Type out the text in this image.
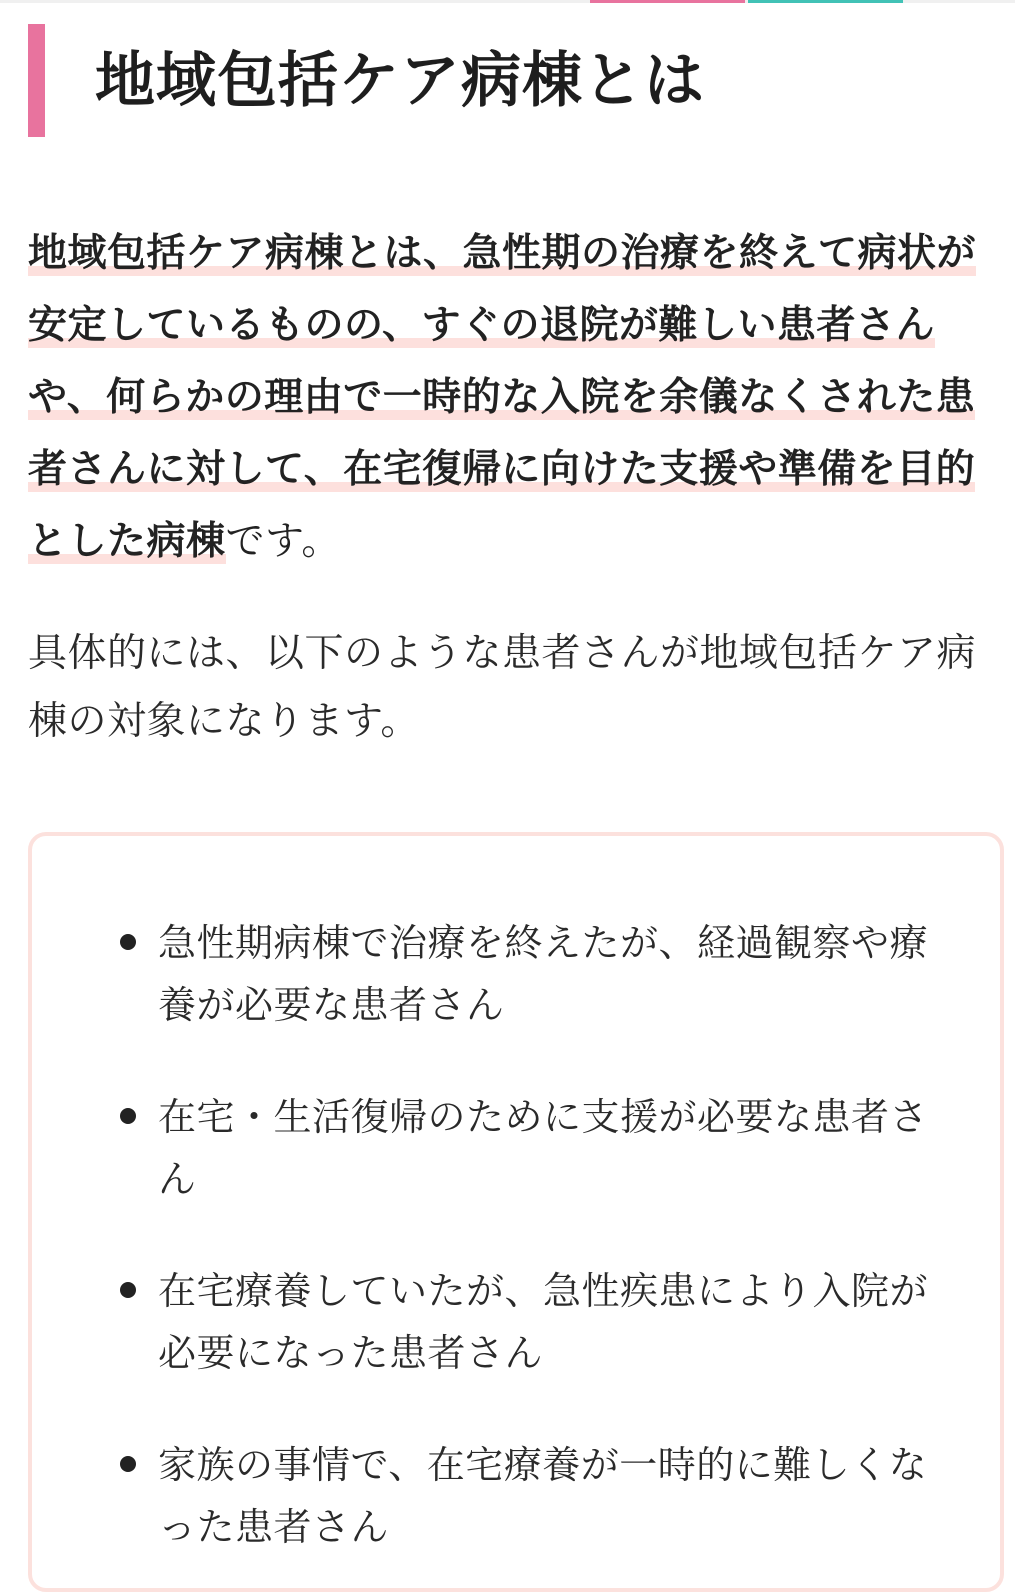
地域包括ケア病棟とは

地域包括ケア病棟とは、急性期の治療を終えて病状が安定しているものの、すぐの退院が難しい患者さんや、何らかの理由で一時的な入院を余儀なくされた患者さんに対して、在宅復帰に向けた支援や準備を目的とした病棟です。

具体的には、以下のような患者さんが地域包括ケア病棟の対象になります。

急性期病棟で治療を終えたが、経過観察や療養が必要な患者さん
在宅・生活復帰のために支援が必要な患者さん
在宅療養していたが、急性疾患により入院が必要になった患者さん
家族の事情で、在宅療養が一時的に難しくなった患者さん
